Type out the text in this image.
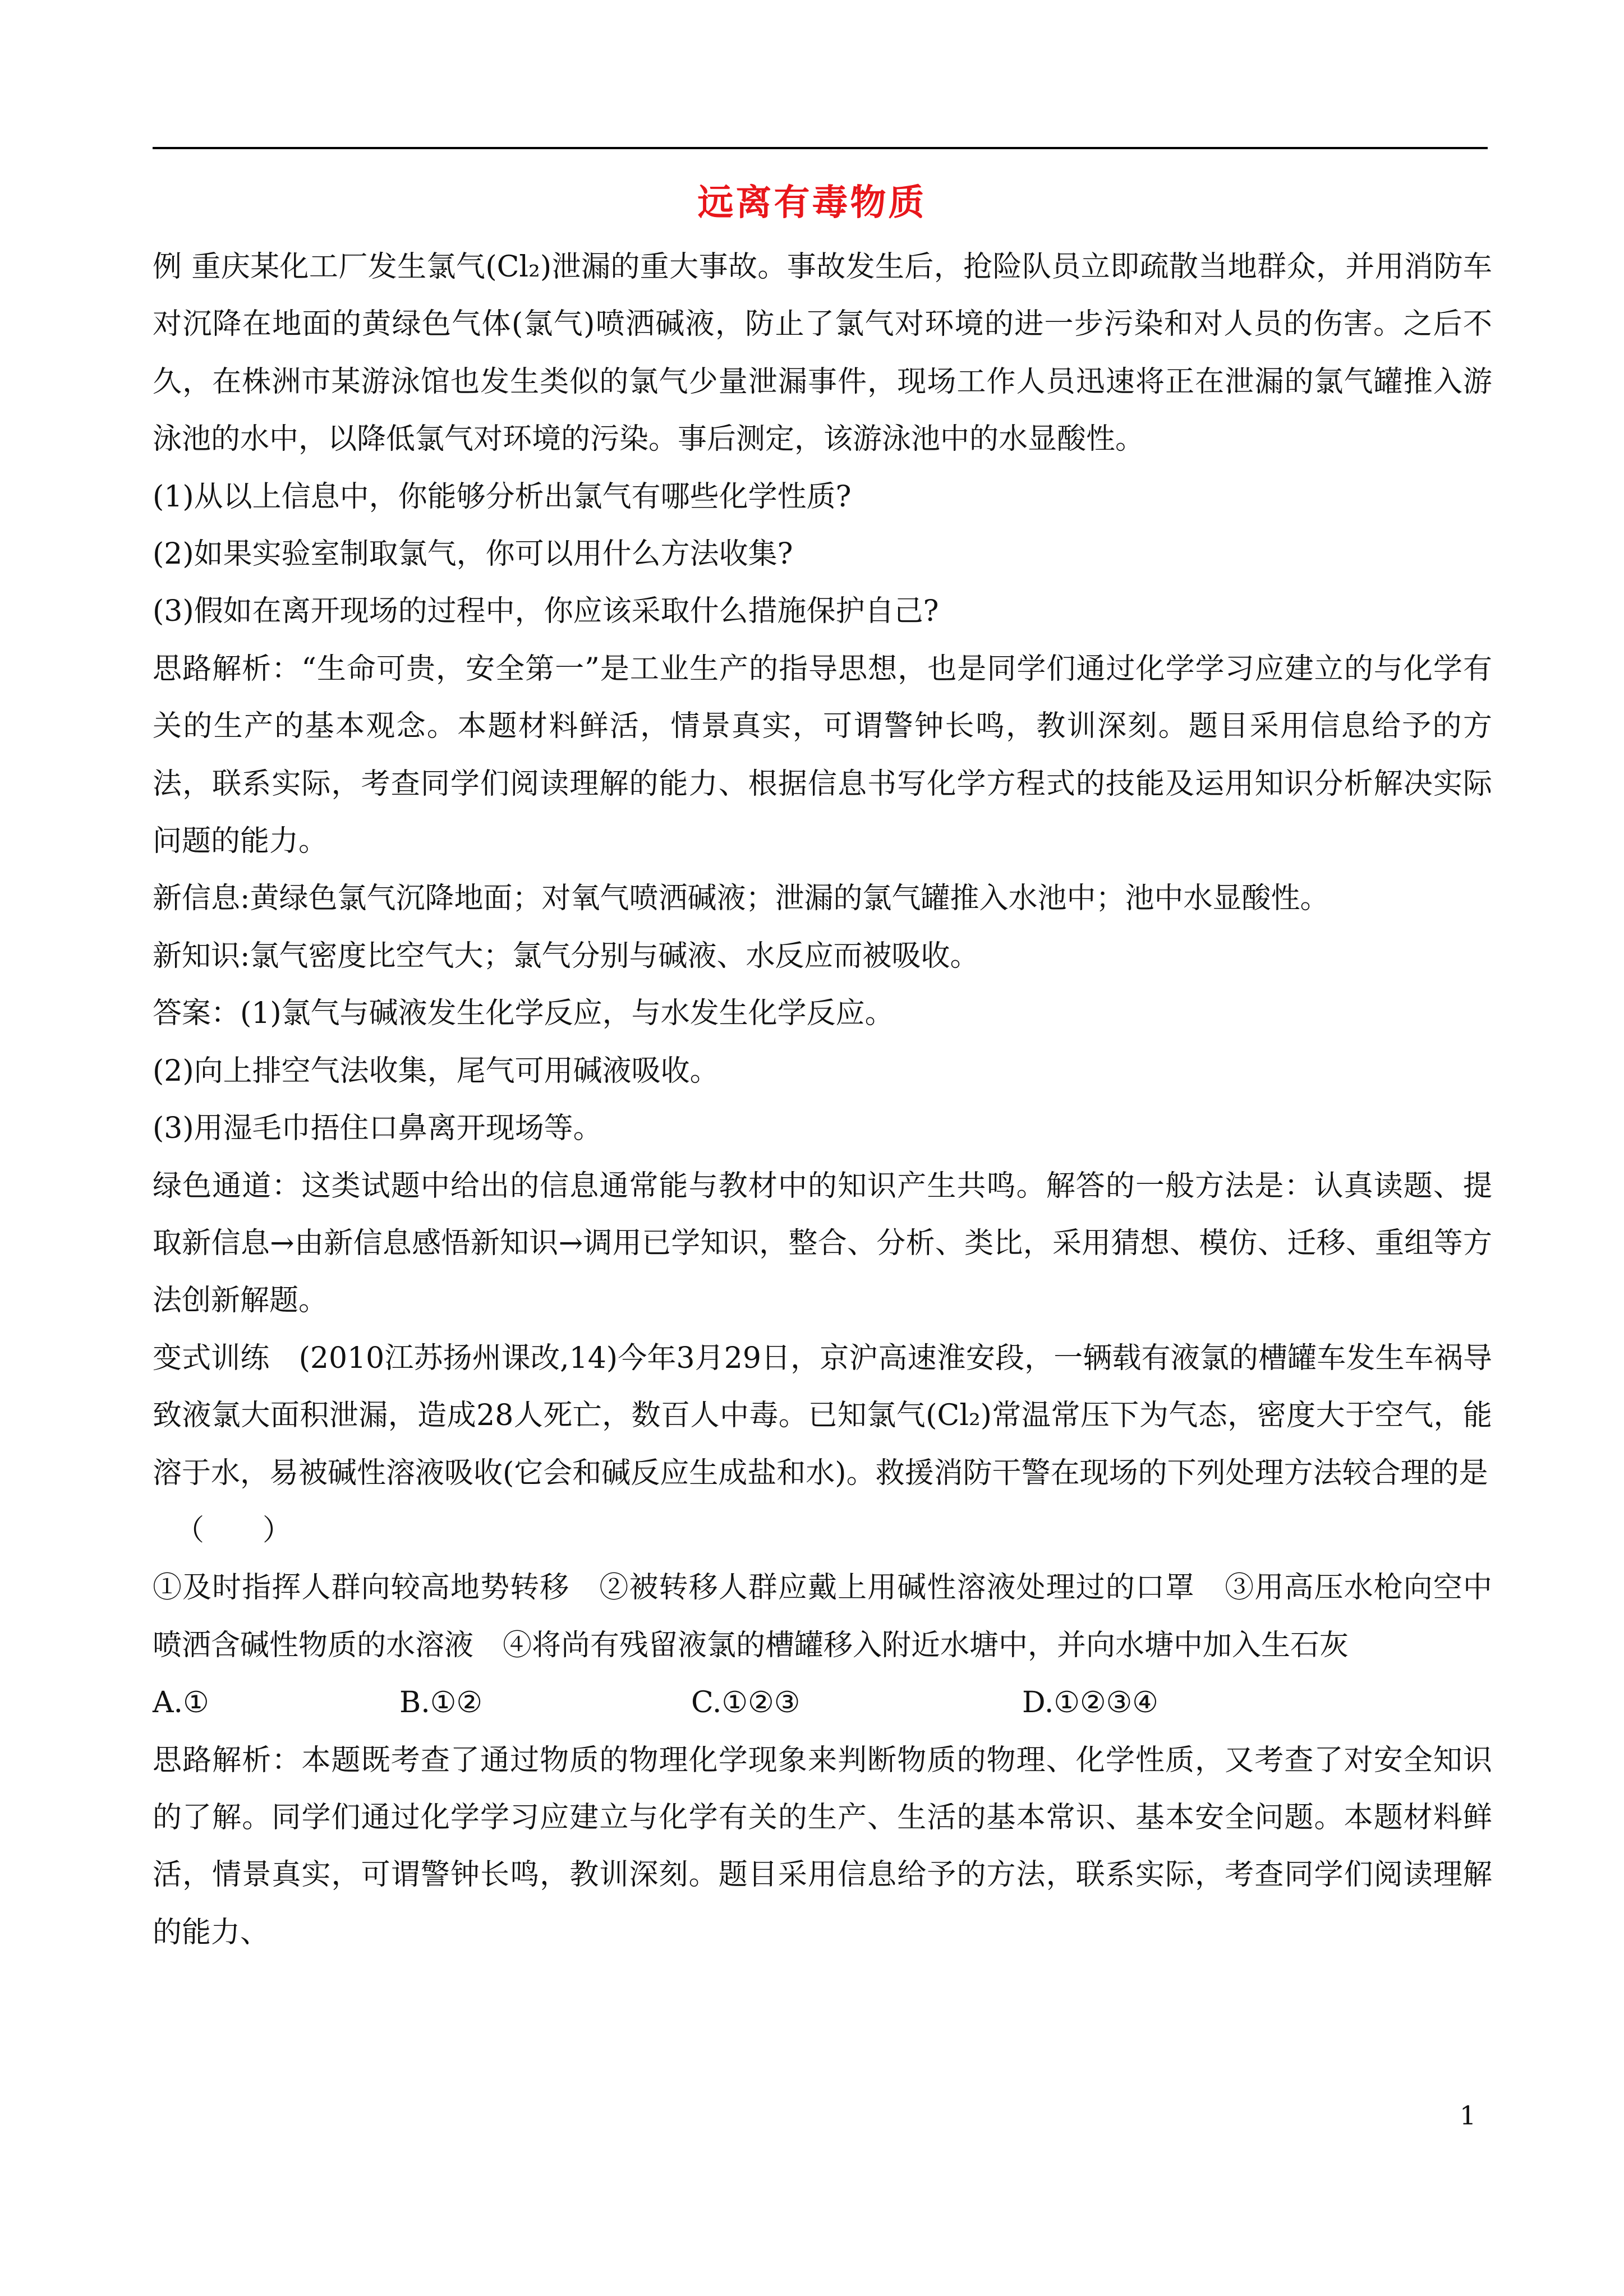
远离有毒物质

例 重庆某化工厂发生氯气(Cl₂)泄漏的重大事故。事故发生后，抢险队员立即疏散当地群众，并用消防车对沉降在地面的黄绿色气体(氯气)喷洒碱液，防止了氯气对环境的进一步污染和对人员的伤害。之后不久，在株洲市某游泳馆也发生类似的氯气少量泄漏事件，现场工作人员迅速将正在泄漏的氯气罐推入游泳池的水中，以降低氯气对环境的污染。事后测定，该游泳池中的水显酸性。

(1)从以上信息中，你能够分析出氯气有哪些化学性质?

(2)如果实验室制取氯气，你可以用什么方法收集?

(3)假如在离开现场的过程中，你应该采取什么措施保护自己?

思路解析：“生命可贵，安全第一”是工业生产的指导思想，也是同学们通过化学学习应建立的与化学有关的生产的基本观念。本题材料鲜活，情景真实，可谓警钟长鸣，教训深刻。题目采用信息给予的方法，联系实际，考查同学们阅读理解的能力、根据信息书写化学方程式的技能及运用知识分析解决实际问题的能力。

新信息:黄绿色氯气沉降地面；对氧气喷洒碱液；泄漏的氯气罐推入水池中；池中水显酸性。

新知识:氯气密度比空气大；氯气分别与碱液、水反应而被吸收。

答案：(1)氯气与碱液发生化学反应，与水发生化学反应。

(2)向上排空气法收集，尾气可用碱液吸收。

(3)用湿毛巾捂住口鼻离开现场等。

绿色通道：这类试题中给出的信息通常能与教材中的知识产生共鸣。解答的一般方法是：认真读题、提取新信息→由新信息感悟新知识→调用已学知识，整合、分析、类比，采用猜想、模仿、迁移、重组等方法创新解题。

变式训练　(2010江苏扬州课改,14)今年3月29日，京沪高速淮安段，一辆载有液氯的槽罐车发生车祸导致液氯大面积泄漏，造成28人死亡，数百人中毒。已知氯气(Cl₂)常温常压下为气态，密度大于空气，能溶于水，易被碱性溶液吸收(它会和碱反应生成盐和水)。救援消防干警在现场的下列处理方法较合理的是

（　　）

①及时指挥人群向较高地势转移　②被转移人群应戴上用碱性溶液处理过的口罩　③用高压水枪向空中喷洒含碱性物质的水溶液　④将尚有残留液氯的槽罐移入附近水塘中，并向水塘中加入生石灰

A.①	B.①②	C.①②③	D.①②③④

思路解析：本题既考查了通过物质的物理化学现象来判断物质的物理、化学性质，又考查了对安全知识的了解。同学们通过化学学习应建立与化学有关的生产、生活的基本常识、基本安全问题。本题材料鲜活，情景真实，可谓警钟长鸣，教训深刻。题目采用信息给予的方法，联系实际，考查同学们阅读理解的能力、

1
